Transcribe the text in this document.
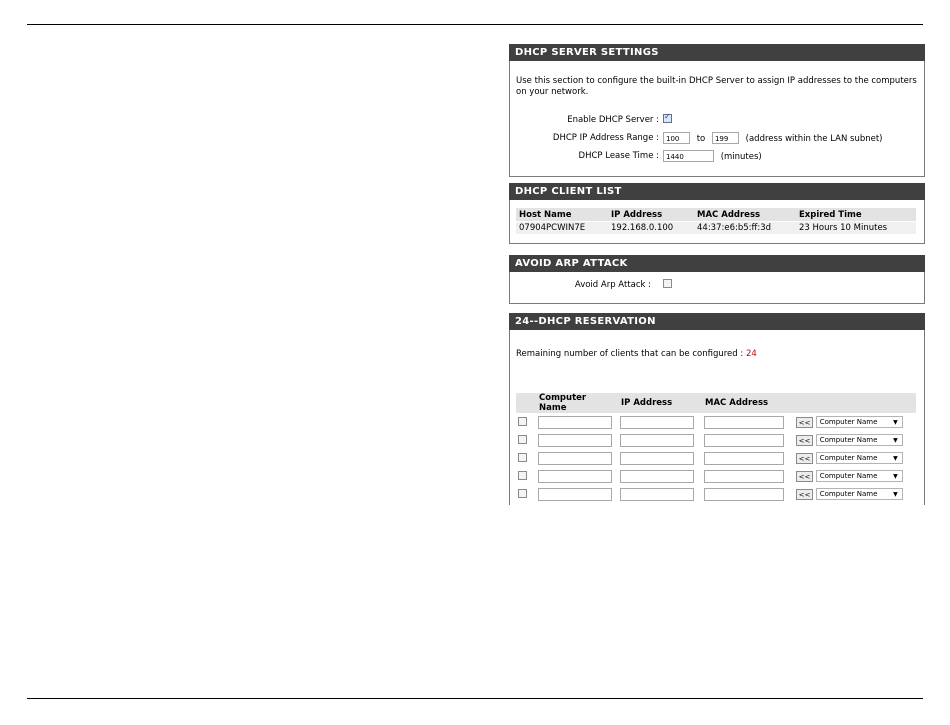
DHCP SERVER SETTINGS
Use this section to configure the built-in DHCP Server to assign IP addresses to the computers on your network.
Enable DHCP Server :
✓
DHCP IP Address Range :	100 to 199 (address within the LAN subnet)
DHCP Lease Time :	1440	(minutes)
DHCP CLIENT LIST
Host Name	IP Address	MAC Address	Expired Time
07904PCWIN7E	192.168.0.100	44:37:e6:b5:ff:3d	23 Hours 10 Minutes
AVOID ARP ATTACK
Avoid Arp Attack :
24--DHCP RESERVATION
Remaining number of clients that can be configured : 24
	Computer Name	IP Address	MAC Address	
				<< Computer Name ▼

				<< Computer Name ▼

				<< Computer Name ▼

				<< Computer Name ▼

				<< Computer Name ▼
